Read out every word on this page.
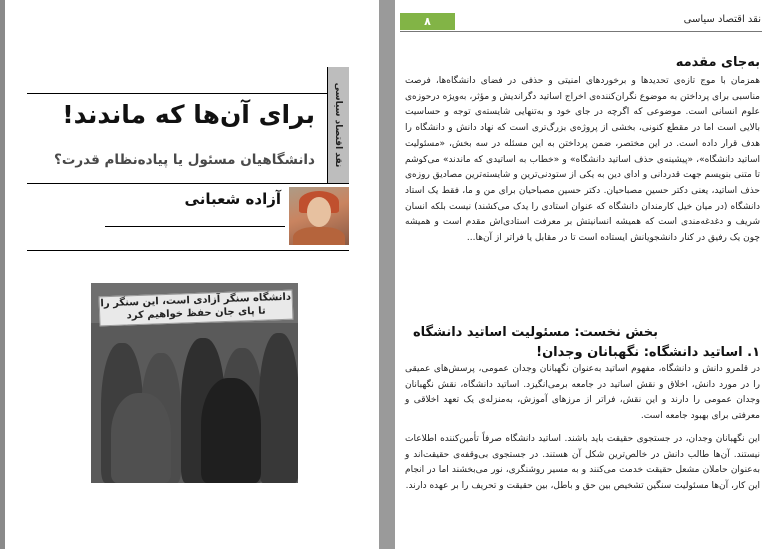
نقد اقتصاد سیاسی
برای آن‌ها که ماندند!
دانشگاهیان مسئول یا پیاده‌نظام قدرت؟
آزاده شعبانی
دانشگاه سنگر آزادی است، این سنگر را
تا پای جان حفظ خواهیم کرد
۸	نقد اقتصاد سیاسی
به‌جای مقدمه

همزمان با موج تازه‌ی تحدیدها و برخوردهای امنیتی و حذفی در فضای دانشگاه‌ها، فرصت مناسبی برای پرداختن به موضوع نگران‌کننده‌ی اخراج اساتید دگراندیش و مؤثر، به‌ویژه درحوزه‌ی علوم انسانی است. موضوعی که اگرچه در جای خود و به‌تنهایی شایسته‌ی توجه و حساسیت بالایی است اما در مقطع کنونی، بخشی از پروژه‌ی بزرگ‌تری است که نهاد دانش و دانشگاه را هدف قرار داده است. در این مختصر، ضمن پرداختن به این مسئله در سه بخش، «مسئولیت اساتید دانشگاه»، «پیشینه‌ی حذف اساتید دانشگاه» و «خطاب به اساتیدی که ماندند» می‌کوشم تا متنی بنویسم جهت قدردانی و ادای دین به یکی از ستودنی‌ترین و شایسته‌ترین مصادیق روزه‌ی حذف اساتید، یعنی دکتر حسین مصباحیان. دکتر حسین مصباحیان برای من و ما، فقط یک استاد دانشگاه (در میان خیل کارمندان دانشگاه که عنوان استادی را یدک می‌کشند) نیست بلکه انسان شریف و دغدغه‌مندی است که همیشه انسانیتش بر معرفت استادی‌اش مقدم است و همیشه چون یک رفیق در کنار دانشجویانش ایستاده است تا در مقابل یا فراتر از آن‌ها...

بخش نخست: مسئولیت اساتید دانشگاه
۱. اساتید دانشگاه: نگهبانان وجدان!

در قلمرو دانش و دانشگاه، مفهوم اساتید به‌عنوان نگهبانان وجدان عمومی، پرسش‌های عمیقی را در مورد دانش، اخلاق و نقش اساتید در جامعه برمی‌انگیزد. اساتید دانشگاه، نقش نگهبانان وجدان عمومی را دارند و این نقش، فراتر از مرزهای آموزش، به‌منزله‌ی یک تعهد اخلاقی و معرفتی برای بهبود جامعه است.

این نگهبانان وجدان، در جستجوی حقیقت باید باشند. اساتید دانشگاه صرفاً تأمین‌کننده اطلاعات نیستند. آن‌ها طالب دانش در خالص‌ترین شکل آن هستند. در جستجوی بی‌وقفه‌ی حقیقت‌اند و به‌عنوان حاملان مشعل حقیقت خدمت می‌کنند و به مسیر روشنگری، نور می‌بخشند اما در انجام این کار، آن‌ها مسئولیت سنگین تشخیص بین حق و باطل، بین حقیقت و تحریف را بر عهده دارند.
